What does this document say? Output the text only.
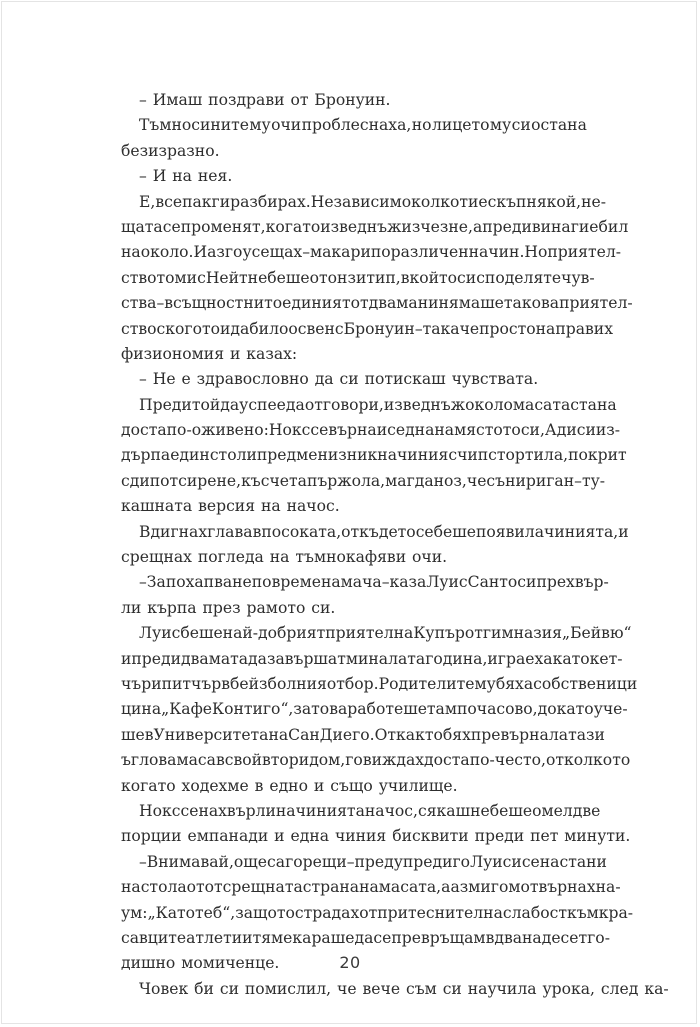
– Имаш поздрави от Бронуин.
Тъмносините му очи проблеснаха, но лицето му си остана
безизразно.
– И на нея.
Е, все пак ги разбирах. Независимо колко ти е скъп някой, не-
щата се променят, когато изведнъж изчезне, а преди винаги е бил
наоколо. И аз го усещах – макар и по различен начин. Но приятел-
ството ми с Нейт не беше от онзи тип, в който си споделяте чув-
ства – всъщност нито единият от двама ни нямаше такова приятел-
ство с когото и да било освен с Бронуин – така че просто направих
физиономия и казах:
– Не е здравословно да си потискаш чувствата.
Преди той да успее да отговори, изведнъж около масата стана
доста по-оживено: Нокс се върна и седна на мястото си, Ади си из-
дърпа един стол и пред мен изникна чиния с чипс тортила, покрит
с дип от сирене, късчета пържола, магданоз, чесън и риган – ту-
кашната версия на начос.
Вдигнах глава в посоката, откъдето се беше появила чинията, и
срещнах погледа на тъмнокафяви очи.
– За похапване по време на мача – каза Луис Сантос и прехвър-
ли кърпа през рамото си.
Луис беше най-добрият приятел на Купър от гимназия „Бейвю“
и преди двамата да завършат миналата година, играеха като кет-
чър и питчър в бейзболния отбор. Родителите му бяха собственици
ци на „Кафе Контиго“, затова работеше там почасово, докато уче-
ше в Университета на Сан Диего. Откакто бях превърнала тази
ъглова маса в свой втори дом, го виждах доста по-често, отколкото
когато ходехме в едно и също училище.
Нокс се нахвърли на чинията начос, сякаш не беше омел две
порции емпанади и една чиния бисквити преди пет минути.
– Внимавай, още са горещи – предупреди го Луис и се настани
на стола от отсрещната страна на масата, а аз мигом отвърнах на-
ум: „Като теб“, защото страдах от притеснителна слабост към кра-
савците атлети и тя ме караше да се превръщам в дванадесетго-
дишно момиченце.
Човек би си помислил, че вече съм си научила урока, след ка-
20
